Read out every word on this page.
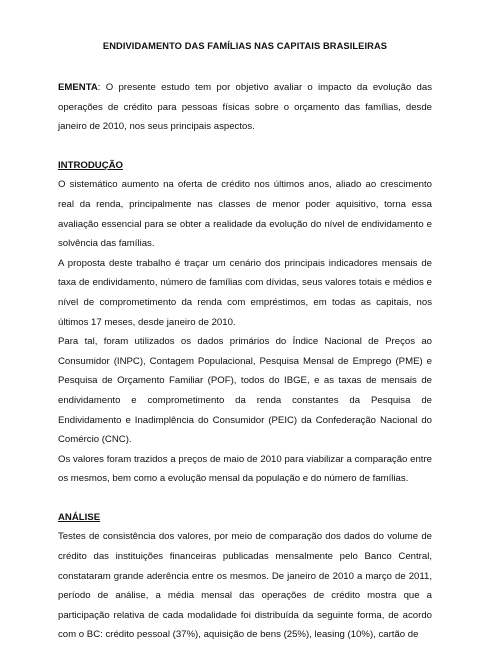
ENDIVIDAMENTO DAS FAMÍLIAS NAS CAPITAIS BRASILEIRAS

EMENTA: O presente estudo tem por objetivo avaliar o impacto da evolução das operações de crédito para pessoas físicas sobre o orçamento das famílias, desde janeiro de 2010, nos seus principais aspectos.

INTRODUÇÃO

O sistemático aumento na oferta de crédito nos últimos anos, aliado ao crescimento real da renda, principalmente nas classes de menor poder aquisitivo, torna essa avaliação essencial para se obter a realidade da evolução do nível de endividamento e solvência das famílias.

A proposta deste trabalho é traçar um cenário dos principais indicadores mensais de taxa de endividamento, número de famílias com dívidas, seus valores totais e médios e nível de comprometimento da renda com empréstimos, em todas as capitais, nos últimos 17 meses, desde janeiro de 2010.

Para tal, foram utilizados os dados primários do Índice Nacional de Preços ao Consumidor (INPC), Contagem Populacional, Pesquisa Mensal de Emprego (PME) e Pesquisa de Orçamento Familiar (POF), todos do IBGE, e as taxas de mensais de endividamento e comprometimento da renda constantes da Pesquisa de Endividamento e Inadimplência do Consumidor (PEIC) da Confederação Nacional do Comércio (CNC).

Os valores foram trazidos a preços de maio de 2010 para viabilizar a comparação entre os mesmos, bem como a evolução mensal da população e do número de famílias.

ANÁLISE

Testes de consistência dos valores, por meio de comparação dos dados do volume de crédito das instituições financeiras publicadas mensalmente pelo Banco Central, constataram grande aderência entre os mesmos. De janeiro de 2010 a março de 2011, período de análise, a média mensal das operações de crédito mostra que a participação relativa de cada modalidade foi distribuída da seguinte forma, de acordo com o BC: crédito pessoal (37%), aquisição de bens (25%), leasing (10%), cartão de
